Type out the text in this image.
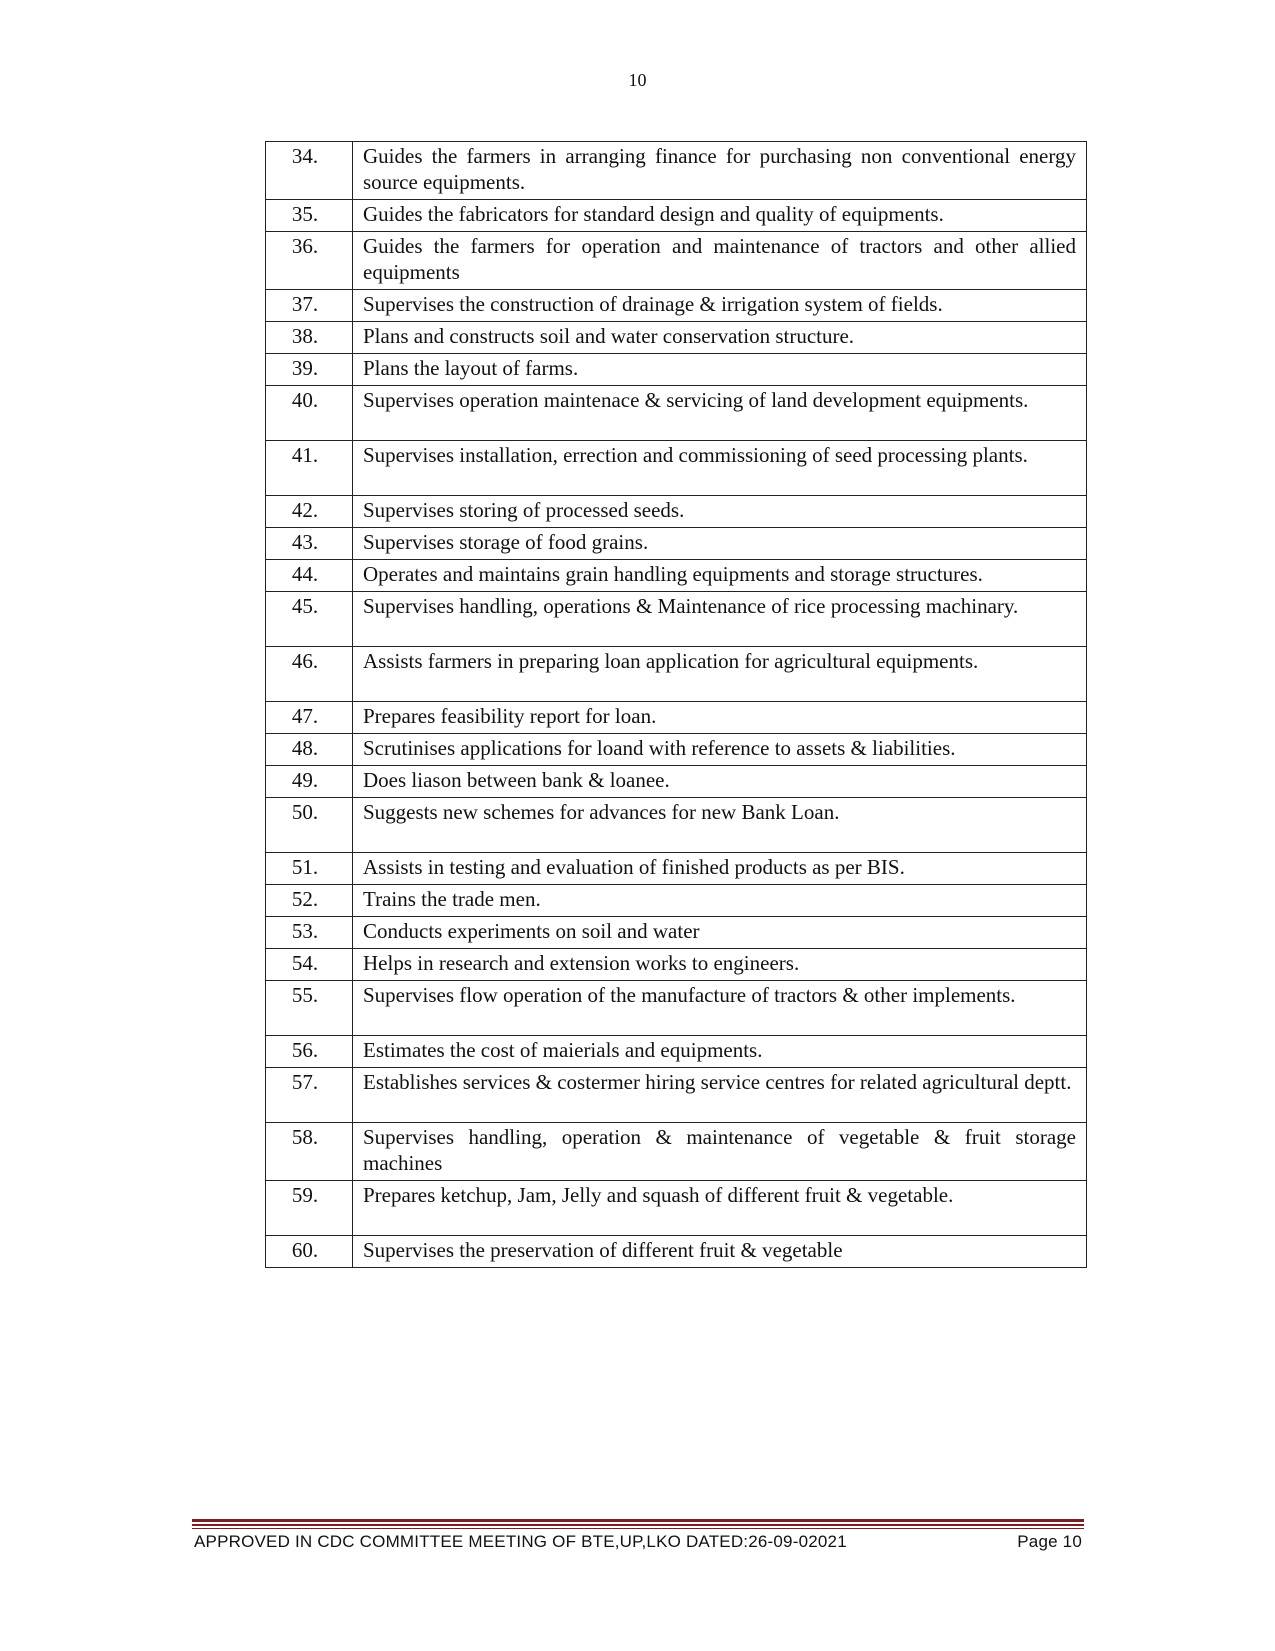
10
34.	Guides the farmers in arranging finance for purchasing non conventional energy source equipments.
35.	Guides the fabricators for standard design and quality of equipments.
36.	Guides the farmers for operation and maintenance of tractors and other allied equipments
37.	Supervises the construction of drainage & irrigation system of fields.
38.	Plans and constructs soil and water conservation structure.
39.	Plans the layout of farms.
40.	Supervises operation maintenace & servicing of land development equipments.
41.	Supervises installation, errection and commissioning of seed processing plants.
42.	Supervises storing of processed seeds.
43.	Supervises storage of food grains.
44.	Operates and maintains grain handling equipments and storage structures.
45.	Supervises handling, operations & Maintenance of rice processing machinary.
46.	Assists farmers in preparing loan application for agricultural equipments.
47.	Prepares feasibility report for loan.
48.	Scrutinises applications for loand with reference to assets & liabilities.
49.	Does liason between bank & loanee.
50.	Suggests new schemes for advances for new Bank Loan.
51.	Assists in testing and evaluation of finished products as per BIS.
52.	Trains the trade men.
53.	Conducts experiments on soil and water
54.	Helps in research and extension works to engineers.
55.	Supervises flow operation of the manufacture of tractors & other implements.
56.	Estimates the cost of maierials and equipments.
57.	Establishes services & costermer hiring service centres for related agricultural deptt.
58.	Supervises handling, operation & maintenance of vegetable & fruit storage machines
59.	Prepares ketchup, Jam, Jelly and squash of different fruit & vegetable.
60.	Supervises the preservation of different fruit & vegetable
APPROVED IN CDC COMMITTEE MEETING OF BTE,UP,LKO DATED:26-09-02021	Page 10
